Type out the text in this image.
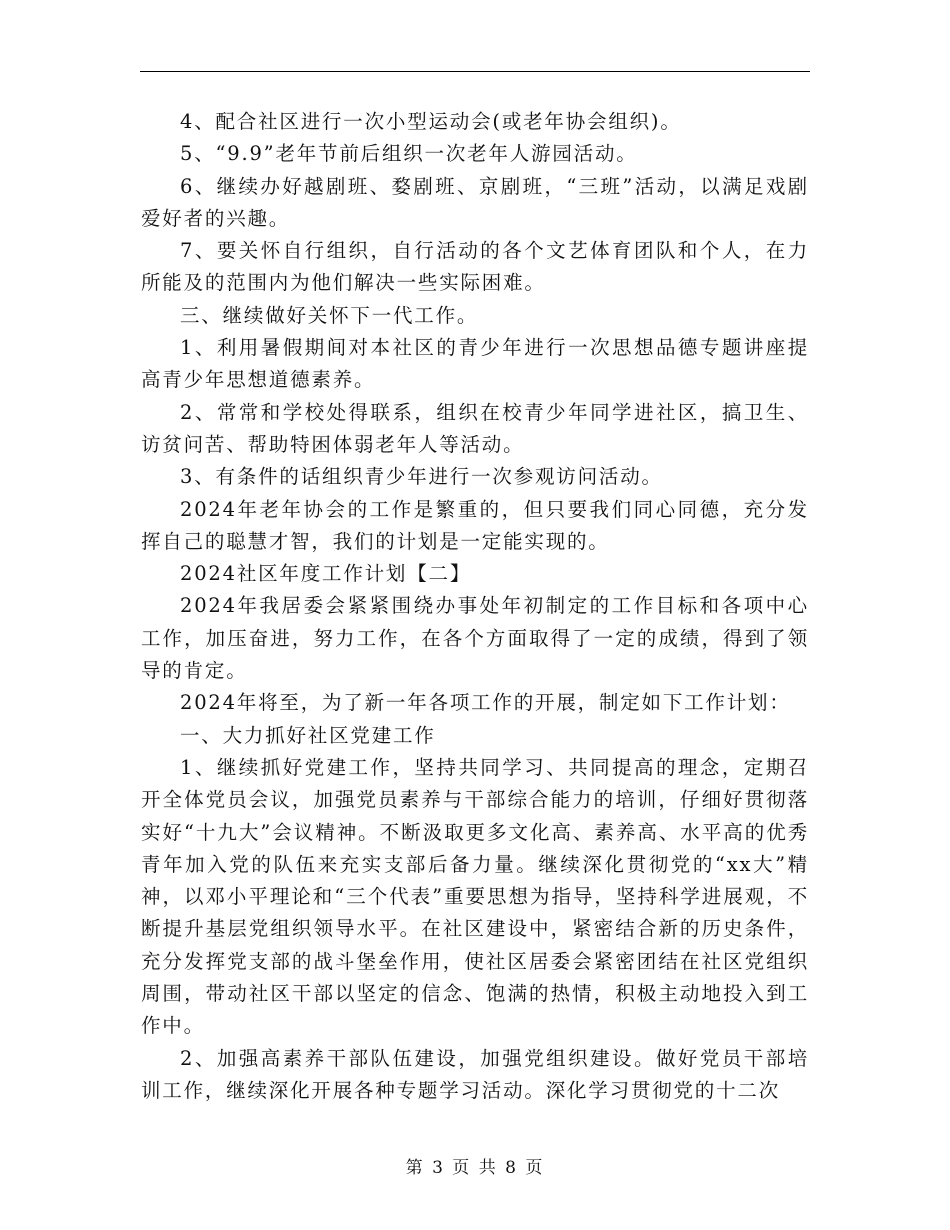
4、配合社区进行一次小型运动会(或老年协会组织)。

5、“9.9”老年节前后组织一次老年人游园活动。

6、继续办好越剧班、婺剧班、京剧班，“三班”活动，以满足戏剧爱好者的兴趣。

7、要关怀自行组织，自行活动的各个文艺体育团队和个人，在力所能及的范围内为他们解决一些实际困难。

三、继续做好关怀下一代工作。

1、利用暑假期间对本社区的青少年进行一次思想品德专题讲座提高青少年思想道德素养。

2、常常和学校处得联系，组织在校青少年同学进社区，搞卫生、访贫问苦、帮助特困体弱老年人等活动。

3、有条件的话组织青少年进行一次参观访问活动。

2024年老年协会的工作是繁重的，但只要我们同心同德，充分发挥自己的聪慧才智，我们的计划是一定能实现的。

2024社区年度工作计划【二】

2024年我居委会紧紧围绕办事处年初制定的工作目标和各项中心工作，加压奋进，努力工作，在各个方面取得了一定的成绩，得到了领导的肯定。

2024年将至，为了新一年各项工作的开展，制定如下工作计划：

一、大力抓好社区党建工作

1、继续抓好党建工作，坚持共同学习、共同提高的理念，定期召开全体党员会议，加强党员素养与干部综合能力的培训，仔细好贯彻落实好“十九大”会议精神。不断汲取更多文化高、素养高、水平高的优秀青年加入党的队伍来充实支部后备力量。继续深化贯彻党的“xx大”精神，以邓小平理论和“三个代表”重要思想为指导，坚持科学进展观，不断提升基层党组织领导水平。在社区建设中，紧密结合新的历史条件，充分发挥党支部的战斗堡垒作用，使社区居委会紧密团结在社区党组织周围，带动社区干部以坚定的信念、饱满的热情，积极主动地投入到工作中。

2、加强高素养干部队伍建设，加强党组织建设。做好党员干部培训工作，继续深化开展各种专题学习活动。深化学习贯彻党的十二次

第 3 页 共 8 页
